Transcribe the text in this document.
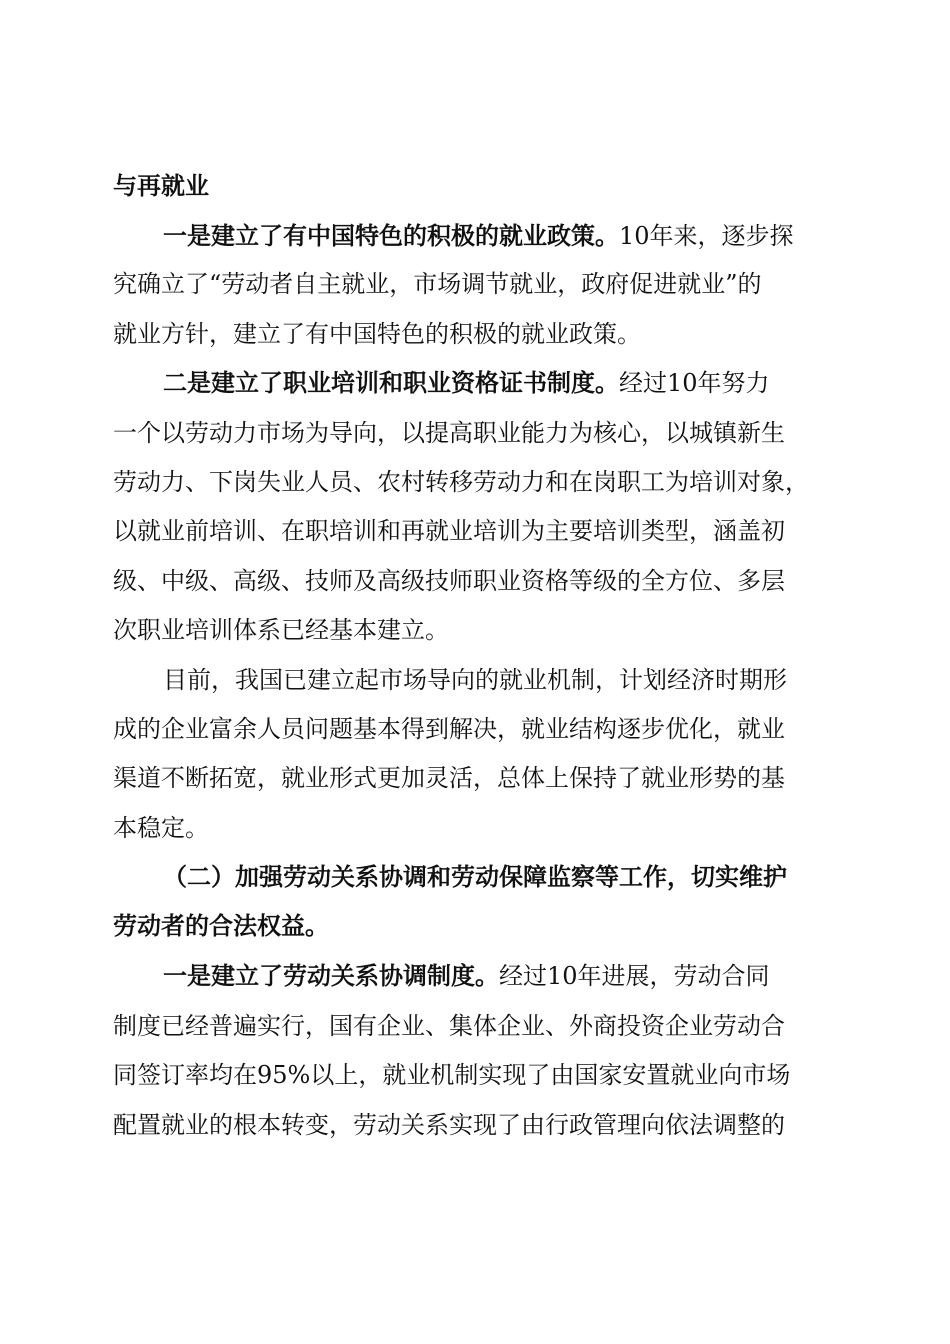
与再就业
一是建立了有中国特色的积极的就业政策。10年来，逐步探
究确立了“劳动者自主就业，市场调节就业，政府促进就业”的
就业方针，建立了有中国特色的积极的就业政策。
二是建立了职业培训和职业资格证书制度。经过10年努力
一个以劳动力市场为导向，以提高职业能力为核心，以城镇新生
劳动力、下岗失业人员、农村转移劳动力和在岗职工为培训对象，
以就业前培训、在职培训和再就业培训为主要培训类型，涵盖初
级、中级、高级、技师及高级技师职业资格等级的全方位、多层
次职业培训体系已经基本建立。
目前，我国已建立起市场导向的就业机制，计划经济时期形
成的企业富余人员问题基本得到解决，就业结构逐步优化，就业
渠道不断拓宽，就业形式更加灵活，总体上保持了就业形势的基
本稳定。
（二）加强劳动关系协调和劳动保障监察等工作，切实维护
劳动者的合法权益。
一是建立了劳动关系协调制度。经过10年进展，劳动合同
制度已经普遍实行，国有企业、集体企业、外商投资企业劳动合
同签订率均在95%以上，就业机制实现了由国家安置就业向市场
配置就业的根本转变，劳动关系实现了由行政管理向依法调整的
